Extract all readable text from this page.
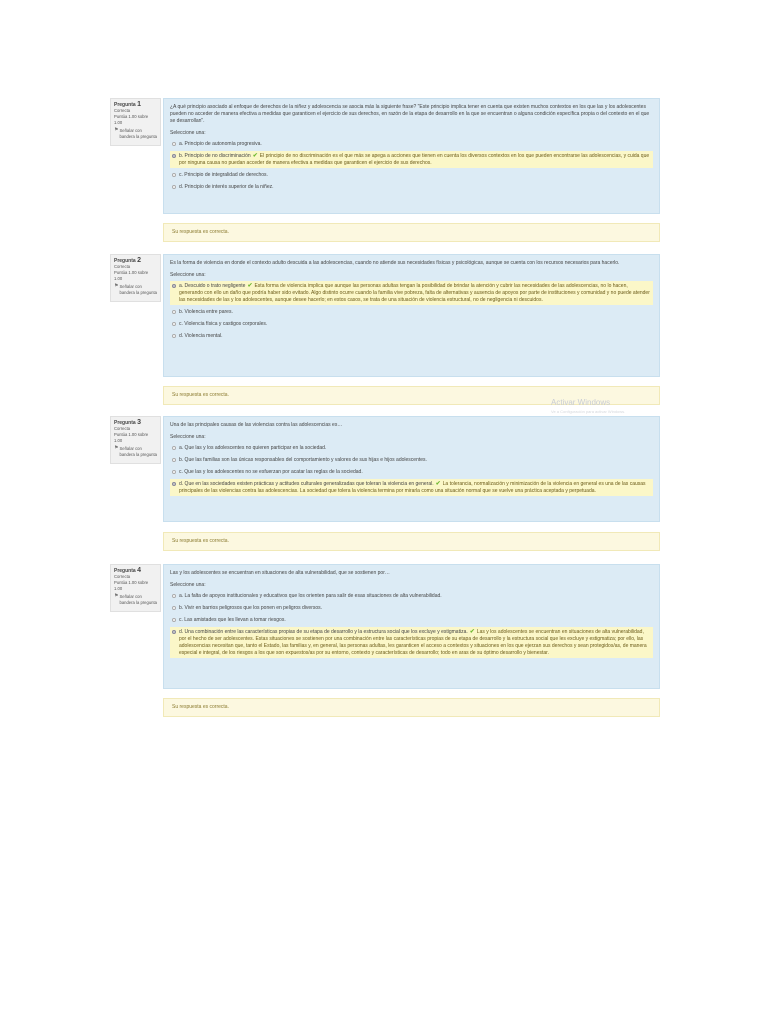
Pregunta 1
Correcta
Puntúa 1.00 sobre 1.00
⚑ Señalar con bandera la pregunta
¿A qué principio asociado al enfoque de derechos de la niñez y adolescencia se asocia más la siguiente frase? "Este principio implica tener en cuenta que existen muchos contextos en los que las y los adolescentes pueden no acceder de manera efectiva a medidas que garanticen el ejercicio de sus derechos, en razón de la etapa de desarrollo en la que se encuentran o alguna condición específica propia o del contexto en el que se desarrollan".
Seleccione una:
a. Principio de autonomía progresiva.
b. Principio de no discriminación ✔ El principio de no discriminación es el que más se apega a acciones que tienen en cuenta los diversos contextos en los que pueden encontrarse las adolescencias, y cuida que por ninguna causa no puedan acceder de manera efectiva a medidas que garanticen el ejercicio de sus derechos.
c. Principio de integralidad de derechos.
d. Principio de interés superior de la niñez.
Su respuesta es correcta.
Pregunta 2
Correcta
Puntúa 1.00 sobre 1.00
⚑ Señalar con bandera la pregunta
Es la forma de violencia en donde el contexto adulto descuida a las adolescencias, cuando no atiende sus necesidades físicas y psicológicas, aunque se cuenta con los recursos necesarios para hacerlo.
Seleccione una:
a. Descuido o trato negligente ✔ Esta forma de violencia implica que aunque las personas adultas tengan la posibilidad de brindar la atención y cubrir las necesidades de las adolescencias, no lo hacen, generando con ello un daño que podría haber sido evitado. Algo distinto ocurre cuando la familia vive pobreza, falta de alternativas y ausencia de apoyos por parte de instituciones y comunidad y no puede atender las necesidades de las y los adolescentes, aunque desee hacerlo; en estos casos, se trata de una situación de violencia estructural, no de negligencia ni descuidos.
b. Violencia entre pares.
c. Violencia física y castigos corporales.
d. Violencia mental.
Su respuesta es correcta.
Pregunta 3
Correcta
Puntúa 1.00 sobre 1.00
⚑ Señalar con bandera la pregunta
Una de las principales causas de las violencias contra las adolescencias es…
Seleccione una:
a. Que las y los adolescentes no quieren participar en la sociedad.
b. Que las familias son las únicas responsables del comportamiento y valores de sus hijas e hijos adolescentes.
c. Que las y los adolescentes no se esfuerzan por acatar las reglas de la sociedad.
d. Que en las sociedades existen prácticas y actitudes culturales generalizadas que toleran la violencia en general. ✔ La tolerancia, normalización y minimización de la violencia en general es una de las causas principales de las violencias contra las adolescencias. La sociedad que tolera la violencia termina por mirarla como una situación normal que se vuelve una práctica aceptada y perpetuada.
Su respuesta es correcta.
Pregunta 4
Correcta
Puntúa 1.00 sobre 1.00
⚑ Señalar con bandera la pregunta
Las y los adolescentes se encuentran en situaciones de alta vulnerabilidad, que se sostienen por…
Seleccione una:
a. La falta de apoyos institucionales y educativos que los orienten para salir de esas situaciones de alta vulnerabilidad.
b. Vivir en barrios peligrosos que los ponen en peligros diversos.
c. Las amistades que les llevan a tomar riesgos.
d. Una combinación entre las características propias de su etapa de desarrollo y la estructura social que los excluye y estigmatiza. ✔ Las y los adolescentes se encuentran en situaciones de alta vulnerabilidad, por el hecho de ser adolescentes. Estas situaciones se sostienen por una combinación entre las características propias de su etapa de desarrollo y la estructura social que les excluye y estigmatiza; por ello, las adolescencias necesitan que, tanto el Estado, las familias y, en general, las personas adultas, les garanticen el acceso a contextos y situaciones en los que ejerzan sus derechos y sean protegidos/as, de manera especial e integral, de los riesgos a los que son expuestos/as por su entorno, contexto y características de desarrollo; todo en aras de su óptimo desarrollo y bienestar.
Su respuesta es correcta.
Activar Windows
Ve a Configuración para activar Windows.
